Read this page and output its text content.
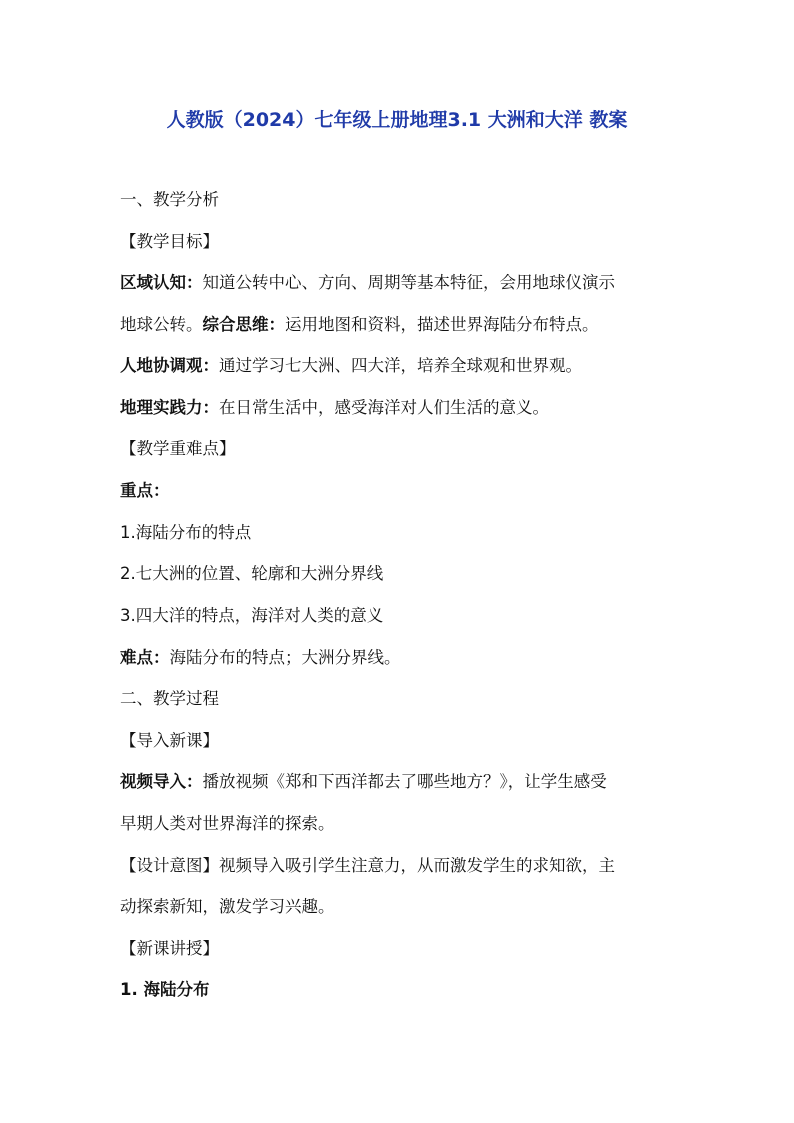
人教版（2024）七年级上册地理3.1 大洲和大洋 教案
一、教学分析
【教学目标】
区域认知：知道公转中心、方向、周期等基本特征，会用地球仪演示
地球公转。综合思维：运用地图和资料，描述世界海陆分布特点。
人地协调观：通过学习七大洲、四大洋，培养全球观和世界观。
地理实践力：在日常生活中，感受海洋对人们生活的意义。
【教学重难点】
重点：
1.海陆分布的特点
2.七大洲的位置、轮廓和大洲分界线
3.四大洋的特点，海洋对人类的意义
难点：海陆分布的特点；大洲分界线。
二、教学过程
【导入新课】
视频导入：播放视频《郑和下西洋都去了哪些地方？》，让学生感受
早期人类对世界海洋的探索。
【设计意图】视频导入吸引学生注意力，从而激发学生的求知欲，主
动探索新知，激发学习兴趣。
【新课讲授】
1. 海陆分布
